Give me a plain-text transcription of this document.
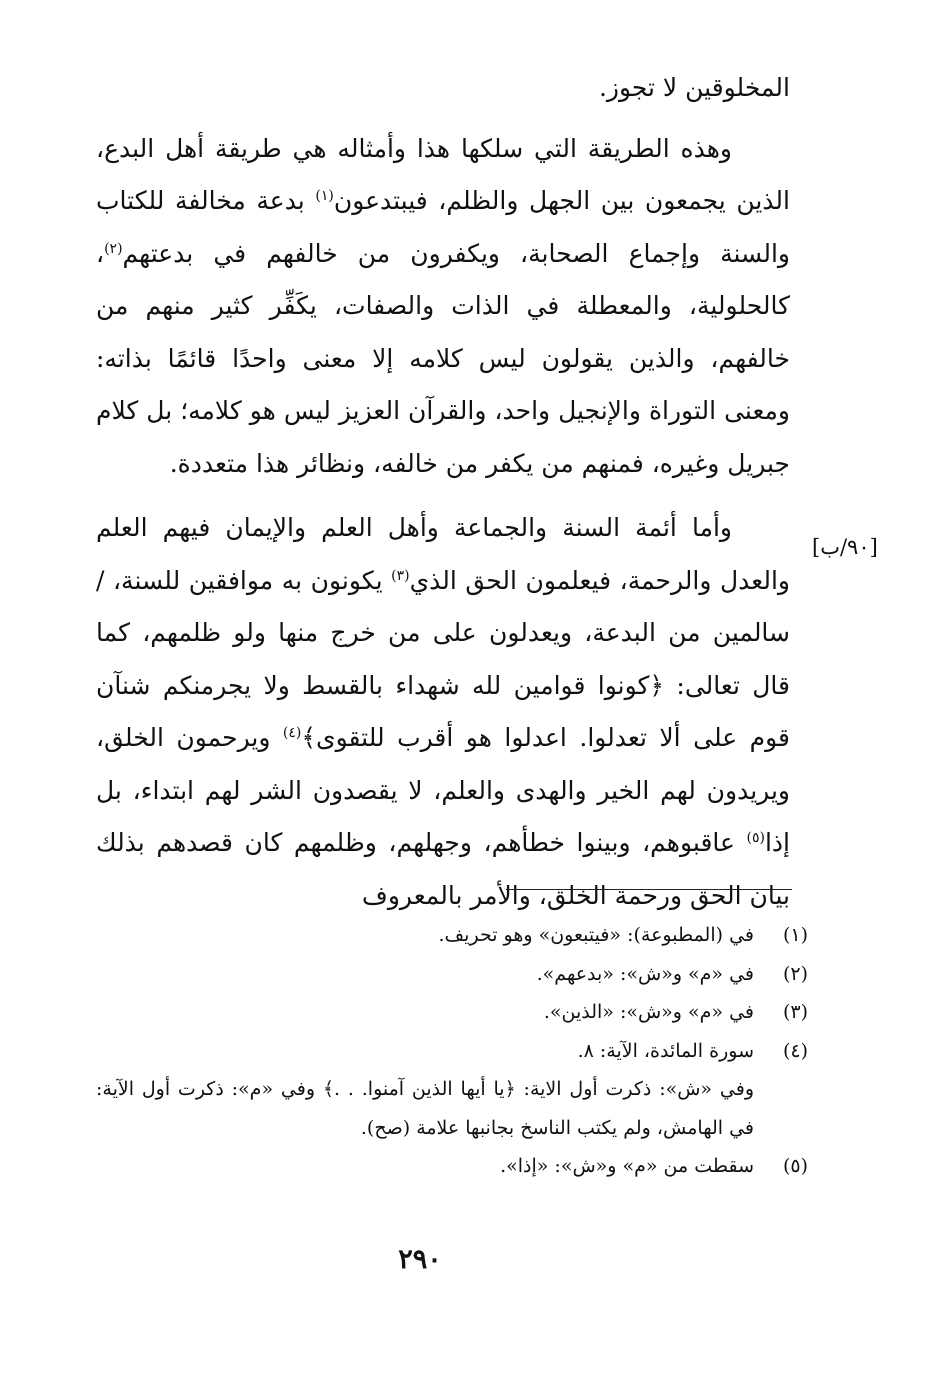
المخلوقين لا تجوز.

وهذه الطريقة التي سلكها هذا وأمثاله هي طريقة أهل البدع، الذين يجمعون بين الجهل والظلم، فيبتدعون$^{(١)}$ بدعة مخالفة للكتاب والسنة وإجماع الصحابة، ويكفرون من خالفهم في بدعتهم$^{(٢)}$، كالحلولية، والمعطلة في الذات والصفات، يكَفِّر كثير منهم من خالفهم، والذين يقولون ليس كلامه إلا معنى واحدًا قائمًا بذاته: ومعنى التوراة والإنجيل واحد، والقرآن العزيز ليس هو كلامه؛ بل كلام جبريل وغيره، فمنهم من يكفر من خالفه، ونظائر هذا متعددة.

وأما أئمة السنة والجماعة وأهل العلم والإيمان فيهم العلم والعدل والرحمة، فيعلمون الحق الذي$^{(٣)}$ يكونون به موافقين للسنة، / سالمين من البدعة، ويعدلون على من خرج منها ولو ظلمهم، كما قال تعالى: ﴿كونوا قوامين لله شهداء بالقسط ولا يجرمنكم شنآن قوم على ألا تعدلوا. اعدلوا هو أقرب للتقوى﴾$^{(٤)}$ ويرحمون الخلق، ويريدون لهم الخير والهدى والعلم، لا يقصدون الشر لهم ابتداء، بل إذا$^{(٥)}$ عاقبوهم، وبينوا خطأهم، وجهلهم، وظلمهم كان قصدهم بذلك بيان الحق ورحمة الخلق، والأمر بالمعروف

[٩٠/ب]
(١)
في (المطبوعة): «فيتبعون» وهو تحريف.
(٢)
في «م» و«ش»: «بدعهم».
(٣)
في «م» و«ش»: «الذين».
(٤)
سورة المائدة، الآية: ٨.
وفي «ش»: ذكرت أول الاية: ﴿يا أيها الذين آمنوا. . .﴾ وفي «م»: ذكرت أول الآية: في الهامش، ولم يكتب الناسخ بجانبها علامة (صح).
(٥)
سقطت من «م» و«ش»: «إذا».
٢٩٠
